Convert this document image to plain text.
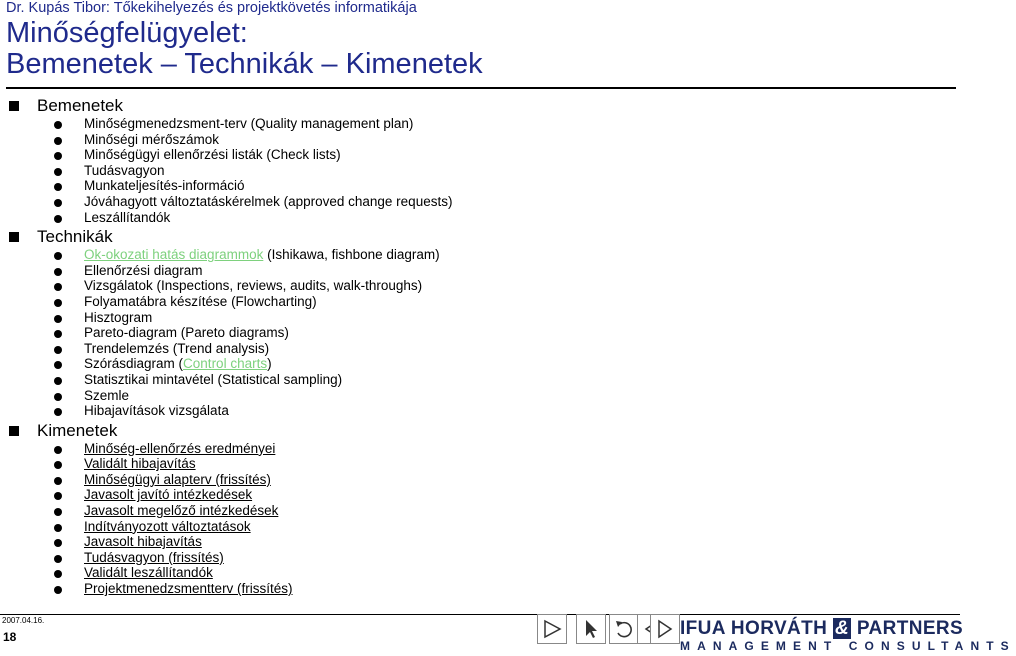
Dr. Kupás Tibor: Tőkekihelyezés és projektkövetés informatikája
Minőségfelügyelet:
Bemenetek – Technikák – Kimenetek
Bemenetek
Minőségmenedzsment-terv (Quality management plan)
Minőségi mérőszámok
Minőségügyi ellenőrzési listák (Check lists)
Tudásvagyon
Munkateljesítés-információ
Jóváhagyott változtatáskérelmek (approved change requests)
Leszállítandók
Technikák
Ok-okozati hatás diagrammok (Ishikawa, fishbone diagram)
Ellenőrzési diagram
Vizsgálatok (Inspections, reviews, audits, walk-throughs)
Folyamatábra készítése (Flowcharting)
Hisztogram
Pareto-diagram (Pareto diagrams)
Trendelemzés (Trend analysis)
Szórásdiagram (Control charts)
Statisztikai mintavétel (Statistical sampling)
Szemle
Hibajavítások vizsgálata
Kimenetek
Minőség-ellenőrzés eredményei
Validált hibajavítás
Minőségügyi alapterv (frissítés)
Javasolt javító intézkedések
Javasolt megelőző intézkedések
Indítványozott változtatások
Javasolt hibajavítás
Tudásvagyon (frissítés)
Validált leszállítandók
Projektmenedzsmentterv (frissítés)
2007.04.16.
18	IFUA HORVÁTH & PARTNERS
MANAGEMENT CONSULTANTS
